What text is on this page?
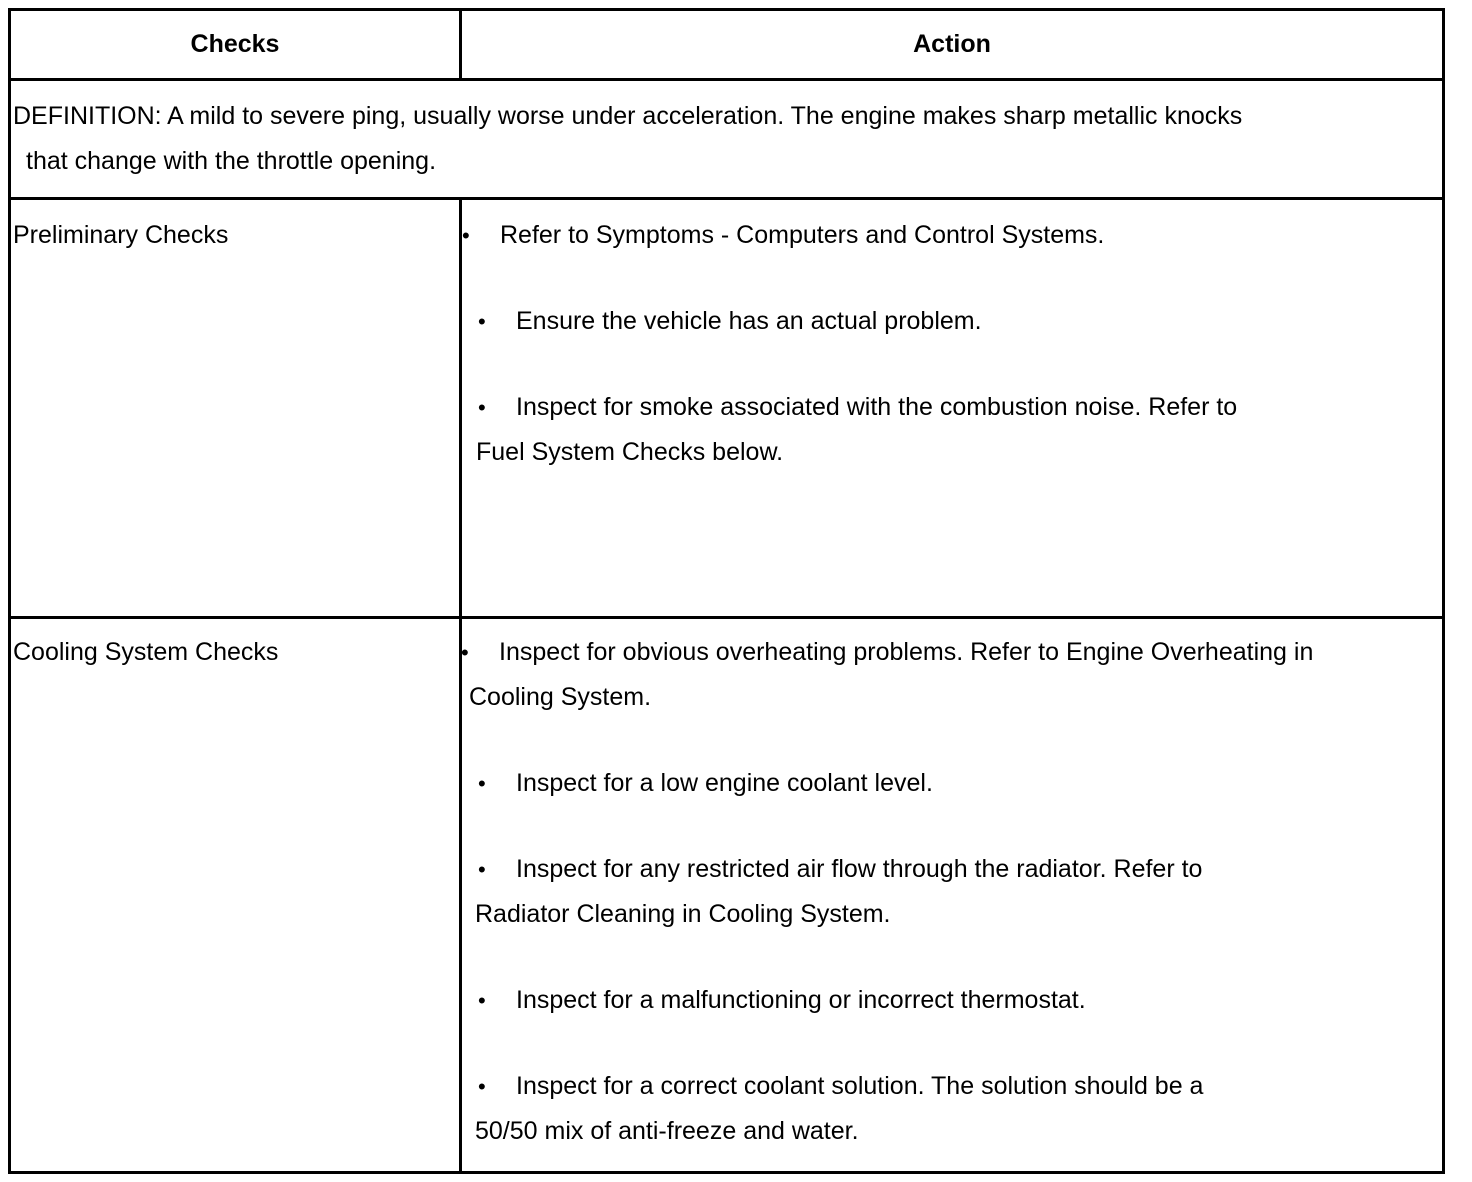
Checks	Action
DEFINITION: A mild to severe ping, usually worse under acceleration. The engine makes sharp metallic knocks
that change with the throttle opening.
Preliminary Checks	• Refer to Symptoms - Computers and Control Systems.
• Ensure the vehicle has an actual problem.
• Inspect for smoke associated with the combustion noise. Refer to
Fuel System Checks below.
Cooling System Checks	• Inspect for obvious overheating problems. Refer to Engine Overheating in
Cooling System.
• Inspect for a low engine coolant level.
• Inspect for any restricted air flow through the radiator. Refer to
Radiator Cleaning in Cooling System.
• Inspect for a malfunctioning or incorrect thermostat.
• Inspect for a correct coolant solution. The solution should be a
50/50 mix of anti-freeze and water.
